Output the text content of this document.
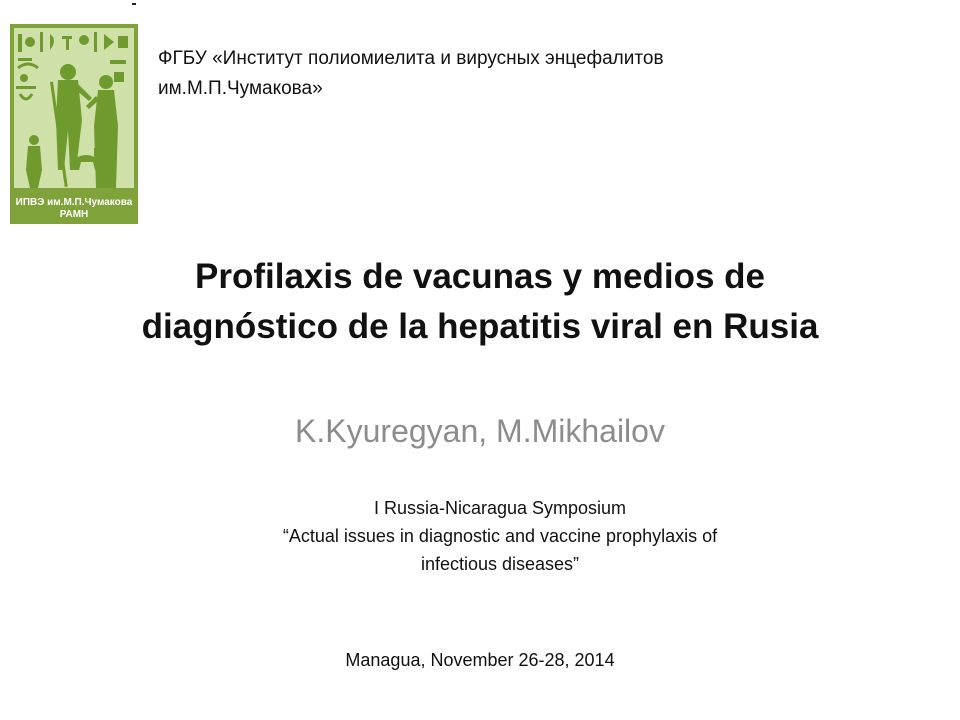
ИПВЭ им.М.П.Чумакова
РАМН
ФГБУ «Институт полиомиелита и вирусных энцефалитов
им.М.П.Чумакова»
Profilaxis de vacunas y medios de
diagnóstico de la hepatitis viral en Rusia
K.Kyuregyan, M.Mikhailov
I Russia-Nicaragua Symposium
“Actual issues in diagnostic and vaccine prophylaxis of
infectious diseases”
Managua, November 26-28, 2014
